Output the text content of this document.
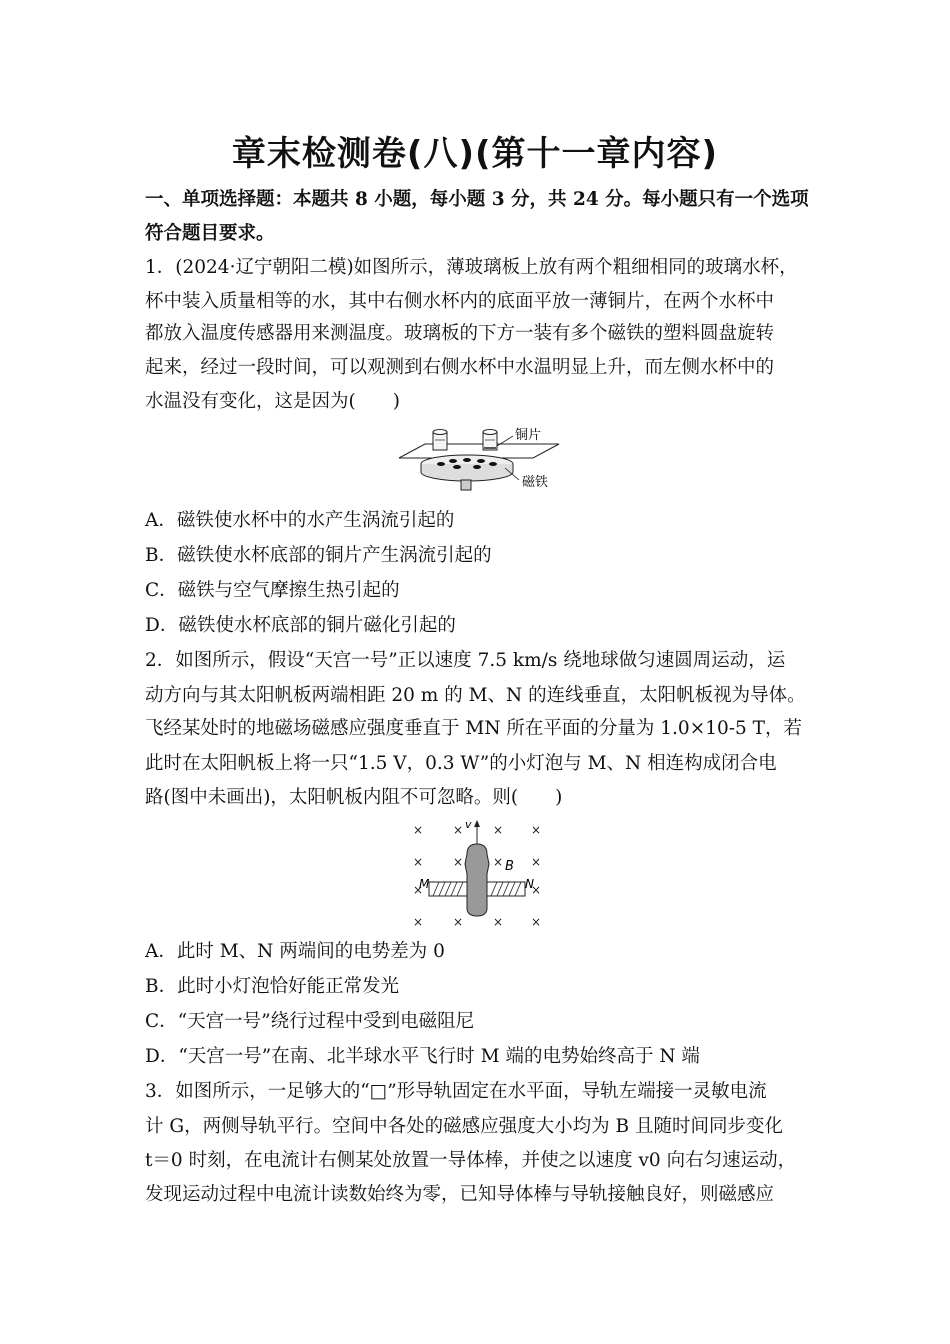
章末检测卷(八)(第十一章内容)
一、单项选择题：本题共 8 小题，每小题 3 分，共 24 分。每小题只有一个选项
符合题目要求。
1．(2024·辽宁朝阳二模)如图所示，薄玻璃板上放有两个粗细相同的玻璃水杯，
杯中装入质量相等的水，其中右侧水杯内的底面平放一薄铜片，在两个水杯中
都放入温度传感器用来测温度。玻璃板的下方一装有多个磁铁的塑料圆盘旋转
起来，经过一段时间，可以观测到右侧水杯中水温明显上升，而左侧水杯中的
水温没有变化，这是因为(　　)
铜片
磁铁
A．磁铁使水杯中的水产生涡流引起的
B．磁铁使水杯底部的铜片产生涡流引起的
C．磁铁与空气摩擦生热引起的
D．磁铁使水杯底部的铜片磁化引起的
2．如图所示，假设“天宫一号”正以速度 7.5 km/s 绕地球做匀速圆周运动，运
动方向与其太阳帆板两端相距 20 m 的 M、N 的连线垂直，太阳帆板视为导体。
飞经某处时的地磁场磁感应强度垂直于 MN 所在平面的分量为 1.0×10-5 T，若
此时在太阳帆板上将一只“1.5 V，0.3 W”的小灯泡与 M、N 相连构成闭合电
路(图中未画出)，太阳帆板内阻不可忽略。则(　　)
× × × ×
× × × ×
×	×
× × × ×
v
B
M	N
A．此时 M、N 两端间的电势差为 0
B．此时小灯泡恰好能正常发光
C．“天宫一号”绕行过程中受到电磁阻尼
D．“天宫一号”在南、北半球水平飞行时 M 端的电势始终高于 N 端
3．如图所示，一足够大的“□”形导轨固定在水平面，导轨左端接一灵敏电流
计 G，两侧导轨平行。空间中各处的磁感应强度大小均为 B 且随时间同步变化
t＝0 时刻，在电流计右侧某处放置一导体棒，并使之以速度 v0 向右匀速运动，
发现运动过程中电流计读数始终为零，已知导体棒与导轨接触良好，则磁感应
